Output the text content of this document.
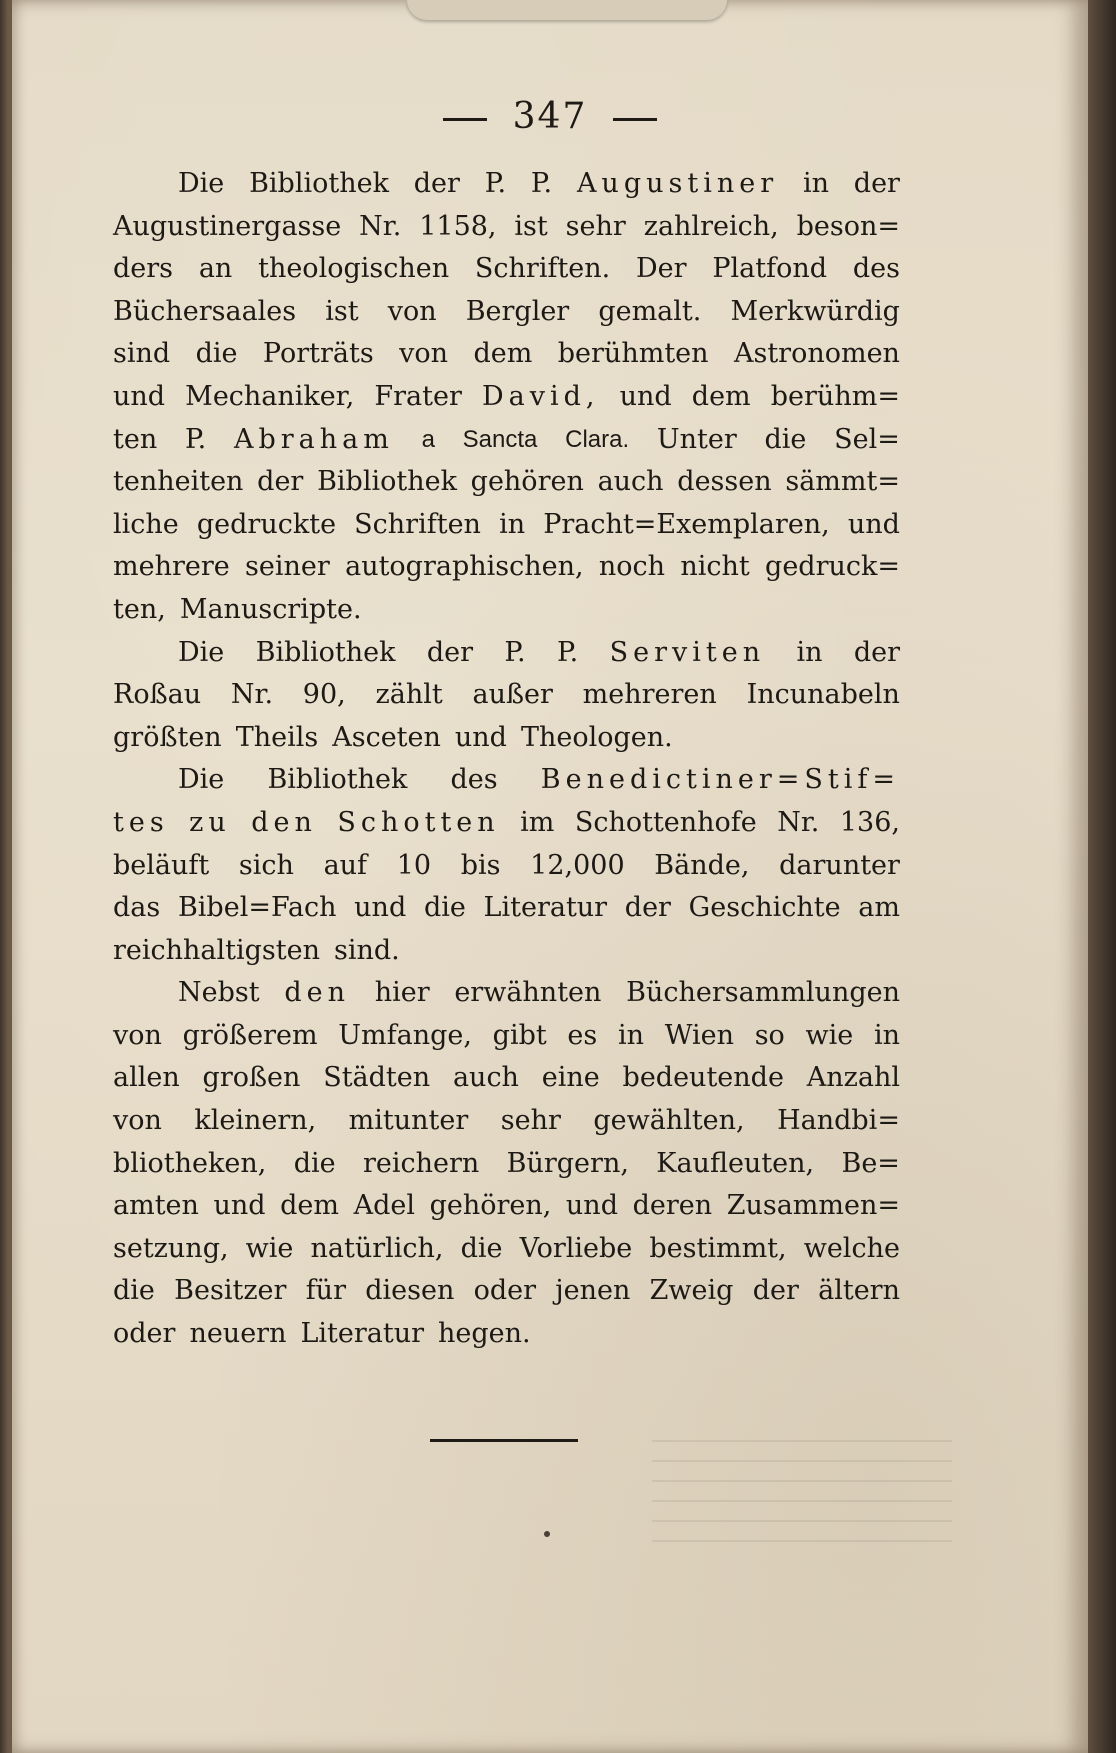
347
Die Bibliothek der P. P. Augustiner in der
Augustinergasse Nr. 1158, ist sehr zahlreich, beson=
ders an theologischen Schriften. Der Platfond des
Büchersaales ist von Bergler gemalt. Merkwürdig
sind die Porträts von dem berühmten Astronomen
und Mechaniker, Frater David, und dem berühm=
ten P. Abraham a Sancta Clara. Unter die Sel=
tenheiten der Bibliothek gehören auch dessen sämmt=
liche gedruckte Schriften in Pracht=Exemplaren, und
mehrere seiner autographischen, noch nicht gedruck=
ten, Manuscripte.
Die Bibliothek der P. P. Serviten in der
Roßau Nr. 90, zählt außer mehreren Incunabeln
größten Theils Asceten und Theologen.
Die Bibliothek des Benedictiner=Stif=
tes zu den Schotten im Schottenhofe Nr. 136,
beläuft sich auf 10 bis 12,000 Bände, darunter
das Bibel=Fach und die Literatur der Geschichte am
reichhaltigsten sind.
Nebst den hier erwähnten Büchersammlungen
von größerem Umfange, gibt es in Wien so wie in
allen großen Städten auch eine bedeutende Anzahl
von kleinern, mitunter sehr gewählten, Handbi=
bliotheken, die reichern Bürgern, Kaufleuten, Be=
amten und dem Adel gehören, und deren Zusammen=
setzung, wie natürlich, die Vorliebe bestimmt, welche
die Besitzer für diesen oder jenen Zweig der ältern
oder neuern Literatur hegen.
